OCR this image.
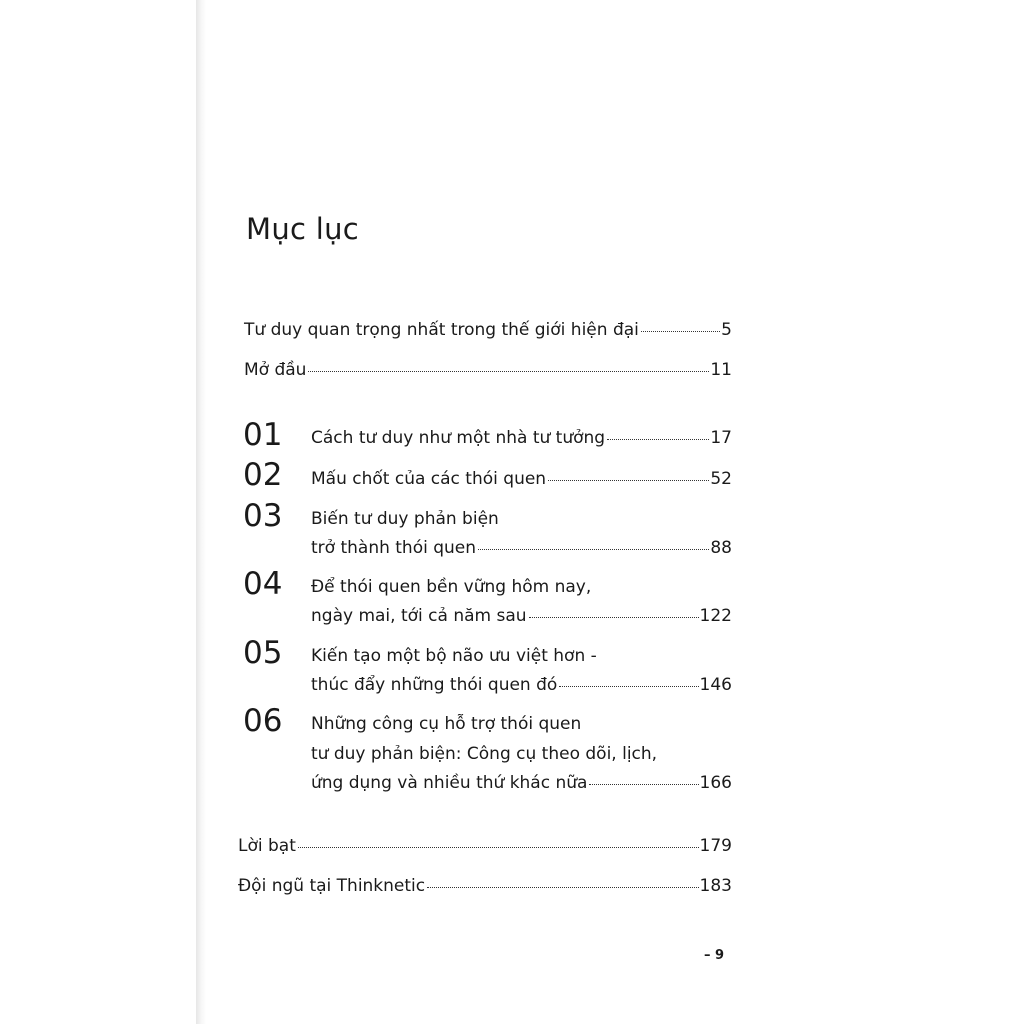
Mục lục
Tư duy quan trọng nhất trong thế giới hiện đại	5
Mở đầu	11
01 Cách tư duy như một nhà tư tưởng	17
02 Mấu chốt của các thói quen	52
03 Biến tư duy phản biện
trở thành thói quen	88
04 Để thói quen bền vững hôm nay,
ngày mai, tới cả năm sau	122
05 Kiến tạo một bộ não ưu việt hơn -
thúc đẩy những thói quen đó	146
06 Những công cụ hỗ trợ thói quen
tư duy phản biện: Công cụ theo dõi, lịch,
ứng dụng và nhiều thứ khác nữa	166
Lời bạt	179
Đội ngũ tại Thinknetic	183
– 9
